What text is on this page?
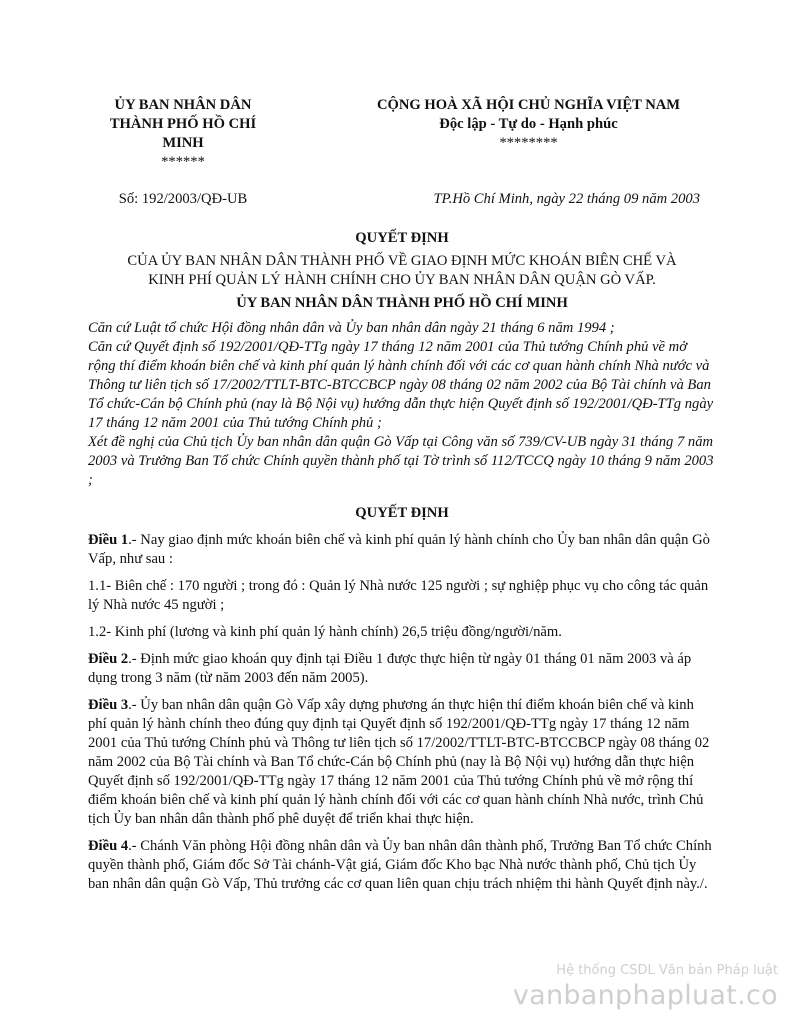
ỦY BAN NHÂN DÂN
THÀNH PHỐ HỒ CHÍ
MINH
******
CỘNG HOÀ XÃ HỘI CHỦ NGHĨA VIỆT NAM
Độc lập - Tự do - Hạnh phúc
********
Số: 192/2003/QĐ-UB	TP.Hồ Chí Minh, ngày 22 tháng 09 năm 2003
QUYẾT ĐỊNH
CỦA ỦY BAN NHÂN DÂN THÀNH PHỐ VỀ GIAO ĐỊNH MỨC KHOÁN BIÊN CHẾ VÀ
KINH PHÍ QUẢN LÝ HÀNH CHÍNH CHO ỦY BAN NHÂN DÂN QUẬN GÒ VẤP.
ỦY BAN NHÂN DÂN THÀNH PHỐ HỒ CHÍ MINH

Căn cứ Luật tổ chức Hội đồng nhân dân và Ủy ban nhân dân ngày 21 tháng 6 năm 1994 ;

Căn cứ Quyết định số 192/2001/QĐ-TTg ngày 17 tháng 12 năm 2001 của Thủ tướng Chính phủ về mở rộng thí điểm khoán biên chế và kinh phí quản lý hành chính đối với các cơ quan hành chính Nhà nước và Thông tư liên tịch số 17/2002/TTLT-BTC-BTCCBCP ngày 08 tháng 02 năm 2002 của Bộ Tài chính và Ban Tổ chức-Cán bộ Chính phủ (nay là Bộ Nội vụ) hướng dẫn thực hiện Quyết định số 192/2001/QĐ-TTg ngày 17 tháng 12 năm 2001 của Thủ tướng Chính phủ ;

Xét đề nghị của Chủ tịch Ủy ban nhân dân quận Gò Vấp tại Công văn số 739/CV-UB ngày 31 tháng 7 năm 2003 và Trưởng Ban Tổ chức Chính quyền thành phố tại Tờ trình số 112/TCCQ ngày 10 tháng 9 năm 2003 ;

QUYẾT ĐỊNH

Điều 1.- Nay giao định mức khoán biên chế và kinh phí quản lý hành chính cho Ủy ban nhân dân quận Gò Vấp, như sau :

1.1- Biên chế : 170 người ; trong đó : Quản lý Nhà nước 125 người ; sự nghiệp phục vụ cho công tác quản lý Nhà nước 45 người ;

1.2- Kinh phí (lương và kinh phí quản lý hành chính) 26,5 triệu đồng/người/năm.

Điều 2.- Định mức giao khoán quy định tại Điều 1 được thực hiện từ ngày 01 tháng 01 năm 2003 và áp dụng trong 3 năm (từ năm 2003 đến năm 2005).

Điều 3.- Ủy ban nhân dân quận Gò Vấp xây dựng phương án thực hiện thí điểm khoán biên chế và kinh phí quản lý hành chính theo đúng quy định tại Quyết định số 192/2001/QĐ-TTg ngày 17 tháng 12 năm 2001 của Thủ tướng Chính phủ và Thông tư liên tịch số 17/2002/TTLT-BTC-BTCCBCP ngày 08 tháng 02 năm 2002 của Bộ Tài chính và Ban Tổ chức-Cán bộ Chính phủ (nay là Bộ Nội vụ) hướng dẫn thực hiện Quyết định số 192/2001/QĐ-TTg ngày 17 tháng 12 năm 2001 của Thủ tướng Chính phủ về mở rộng thí điểm khoán biên chế và kinh phí quản lý hành chính đối với các cơ quan hành chính Nhà nước, trình Chủ tịch Ủy ban nhân dân thành phố phê duyệt để triển khai thực hiện.

Điều 4.- Chánh Văn phòng Hội đồng nhân dân và Ủy ban nhân dân thành phố, Trưởng Ban Tổ chức Chính quyền thành phố, Giám đốc Sở Tài chánh-Vật giá, Giám đốc Kho bạc Nhà nước thành phố, Chủ tịch Ủy ban nhân dân quận Gò Vấp, Thủ trưởng các cơ quan liên quan chịu trách nhiệm thi hành Quyết định này./.

Hệ thống CSDL Văn bản Pháp luật
vanbanphapluat.co
